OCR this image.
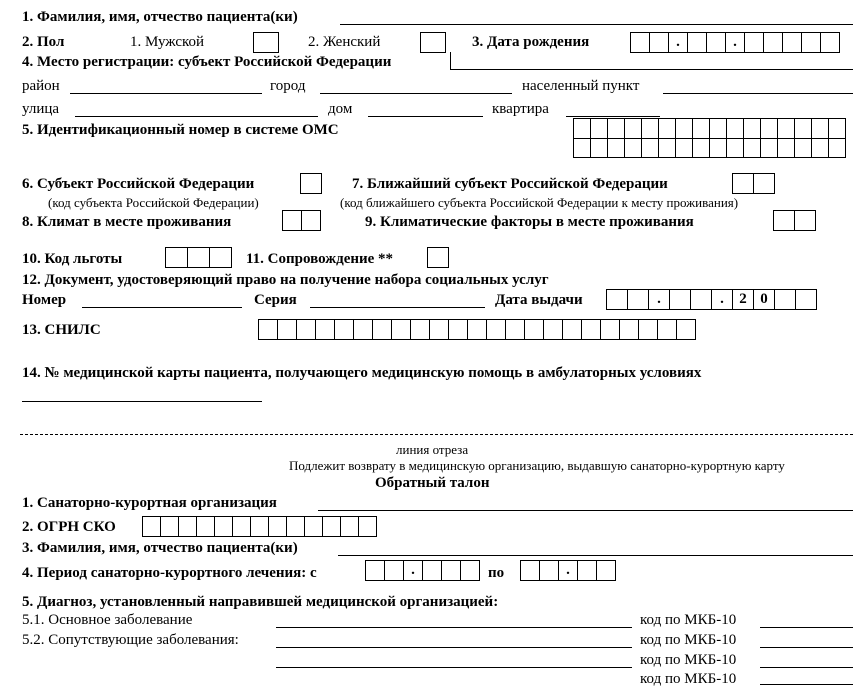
1. Фамилия, имя, отчество пациента(ки)
2. Пол	1. Мужской	2. Женский	3. Дата рождения	.	.
4. Место регистрации: субъект Российской Федерации
район	город	населенный пункт
улица	дом	квартира
5. Идентификационный номер в системе ОМС
6. Субъект Российской Федерации
(код субъекта Российской Федерации)
7. Ближайший субъект Российской Федерации
(код ближайшего субъекта Российской Федерации к месту проживания)
8. Климат в месте проживания	9. Климатические факторы в месте проживания
10. Код льготы	11. Сопровождение **
12. Документ, удостоверяющий право на получение набора социальных услуг
Номер	Серия	Дата выдачи	.	.	2 0
13. СНИЛС
14. № медицинской карты пациента, получающего медицинскую помощь в амбулаторных условиях
линия отреза
Подлежит возврату в медицинскую организацию, выдавшую санаторно-курортную карту
Обратный талон
1. Санаторно-курортная организация
2. ОГРН СКО
3. Фамилия, имя, отчество пациента(ки)
4. Период санаторно-курортного лечения: с	.	по	.
5. Диагноз, установленный направившей медицинской организацией:
5.1. Основное заболевание	код по МКБ-10
5.2. Сопутствующие заболевания:	код по МКБ-10
код по МКБ-10
код по МКБ-10
